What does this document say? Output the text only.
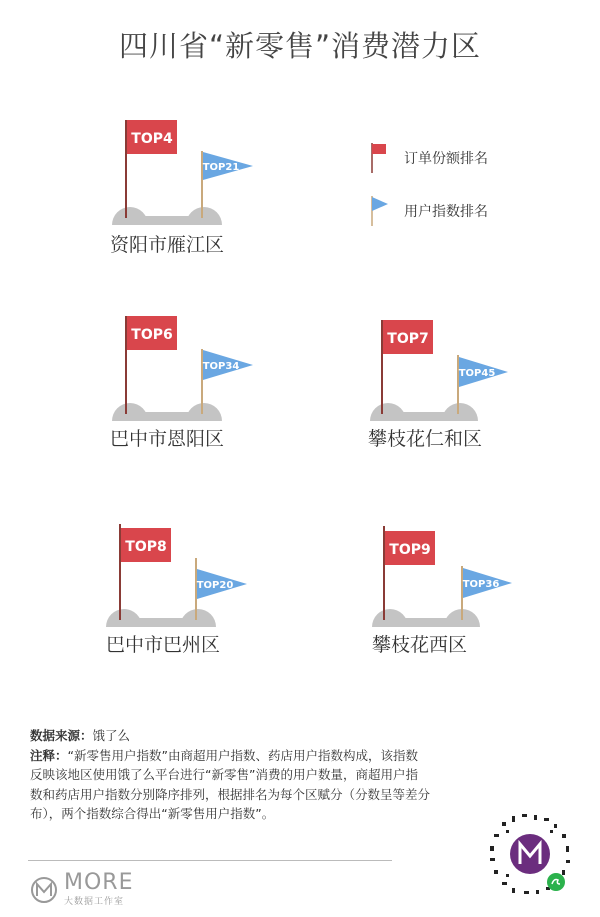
四川省“新零售”消费潜力区
订单份额排名
用户指数排名
TOP4
TOP21
资阳市雁江区
TOP6
TOP34
巴中市恩阳区
TOP7
TOP45
攀枝花仁和区
TOP8
TOP20
巴中市巴州区
TOP9
TOP36
攀枝花西区
数据来源：饿了么
注释：“新零售用户指数”由商超用户指数、药店用户指数构成，该指数反映该地区使用饿了么平台进行“新零售”消费的用户数量，商超用户指数和药店用户指数分别降序排列，根据排名为每个区赋分（分数呈等差分布），两个指数综合得出“新零售用户指数”。
MORE
大数据工作室
